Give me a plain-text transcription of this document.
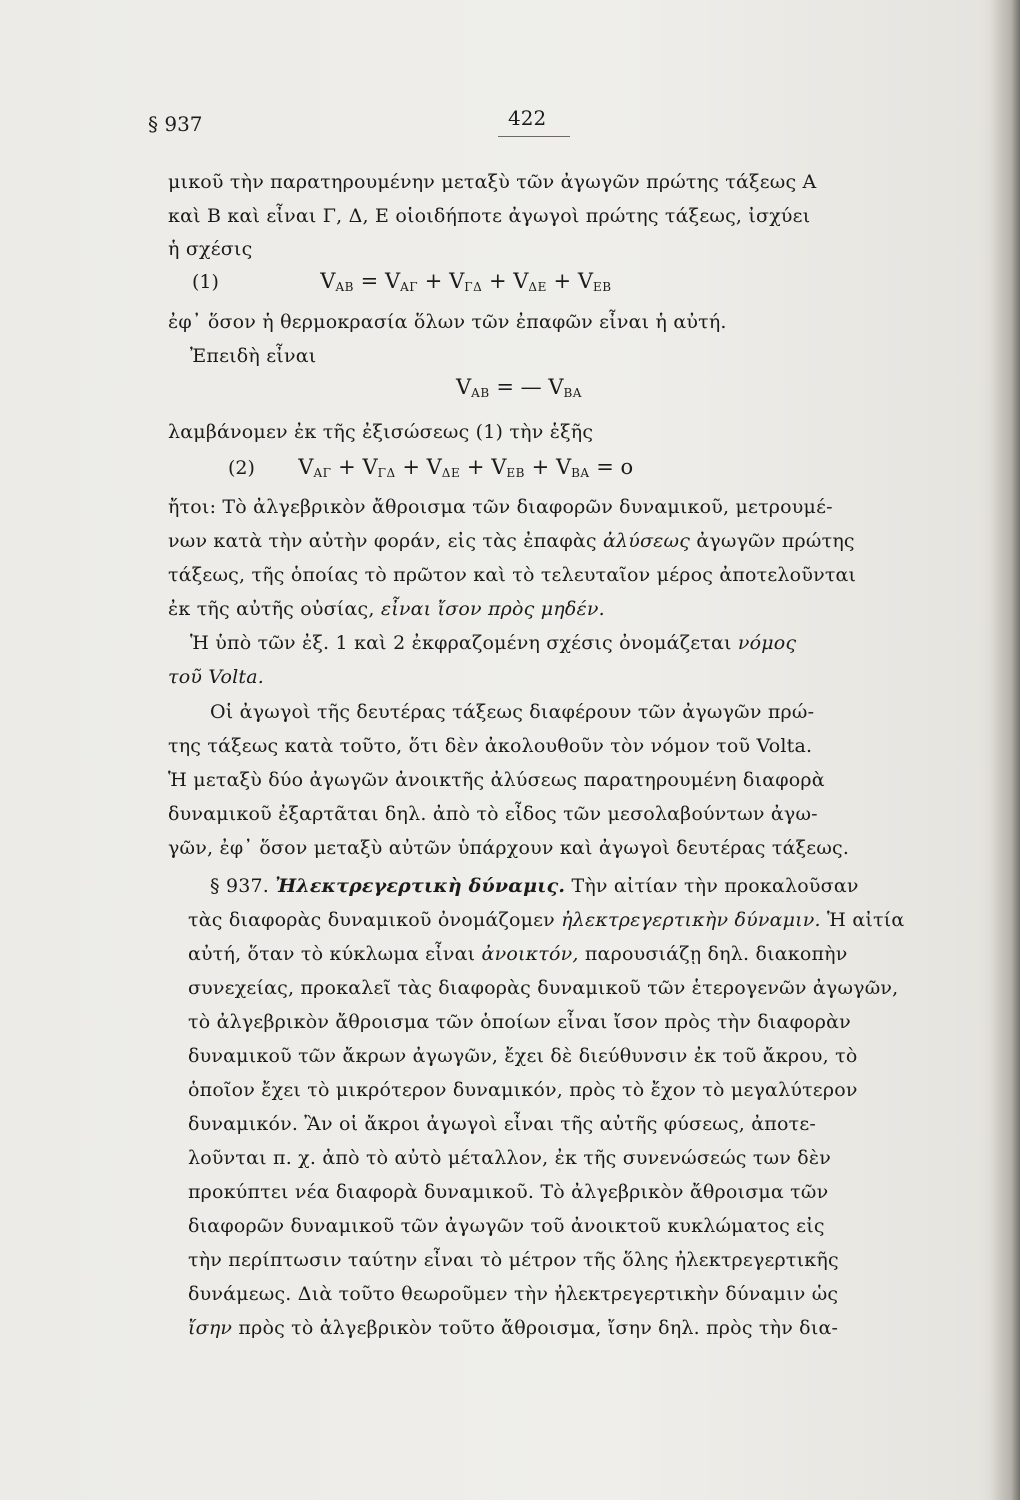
§ 937	422
μικοῦ τὴν παρατηρουμένην μεταξὺ τῶν ἀγωγῶν πρώτης τάξεως Α
καὶ Β καὶ εἶναι Γ, Δ, Ε οἱοιδήποτε ἀγωγοὶ πρώτης τάξεως, ἰσχύει
ἡ σχέσις
(1)	$V_{AB} = V_{A\Gamma} + V_{\Gamma\Delta} + V_{\Delta E} + V_{EB}$
ἐφ᾽ ὅσον ἡ θερμοκρασία ὅλων τῶν ἐπαφῶν εἶναι ἡ αὐτή.
Ἐπειδὴ εἶναι
$V_{AB}$ = — $V_{BA}$
λαμβάνομεν ἐκ τῆς ἐξισώσεως (1) τὴν ἑξῆς
(2) $V_{A\Gamma} + V_{\Gamma\Delta} + V_{\Delta E} + V_{EB} + V_{BA} = o$
ἤτοι: Τὸ ἀλγεβρικὸν ἄθροισμα τῶν διαφορῶν δυναμικοῦ, μετρουμέ-
νων κατὰ τὴν αὐτὴν φοράν, εἰς τὰς ἐπαφὰς ἀλύσεως ἀγωγῶν πρώτης
τάξεως, τῆς ὁποίας τὸ πρῶτον καὶ τὸ τελευταῖον μέρος ἀποτελοῦνται
ἐκ τῆς αὐτῆς οὐσίας, εἶναι ἴσον πρὸς μηδέν.
Ἡ ὑπὸ τῶν ἐξ. 1 καὶ 2 ἐκφραζομένη σχέσις ὀνομάζεται νόμος
τοῦ Volta.
Οἱ ἀγωγοὶ τῆς δευτέρας τάξεως διαφέρουν τῶν ἀγωγῶν πρώ-
της τάξεως κατὰ τοῦτο, ὅτι δὲν ἀκολουθοῦν τὸν νόμον τοῦ Volta.
Ἡ μεταξὺ δύο ἀγωγῶν ἀνοικτῆς ἀλύσεως παρατηρουμένη διαφορὰ
δυναμικοῦ ἐξαρτᾶται δηλ. ἀπὸ τὸ εἶδος τῶν μεσολαβούντων ἀγω-
γῶν, ἐφ᾽ ὅσον μεταξὺ αὐτῶν ὑπάρχουν καὶ ἀγωγοὶ δευτέρας τάξεως.
§ 937. Ἠλεκτρεγερτικὴ δύναμις. Τὴν αἰτίαν τὴν προκαλοῦσαν
τὰς διαφορὰς δυναμικοῦ ὀνομάζομεν ἠλεκτρεγερτικὴν δύναμιν. Ἡ αἰτία
αὐτή, ὅταν τὸ κύκλωμα εἶναι ἀνοικτόν, παρουσιάζῃ δηλ. διακοπὴν
συνεχείας, προκαλεῖ τὰς διαφορὰς δυναμικοῦ τῶν ἑτερογενῶν ἀγωγῶν,
τὸ ἀλγεβρικὸν ἄθροισμα τῶν ὁποίων εἶναι ἴσον πρὸς τὴν διαφορὰν
δυναμικοῦ τῶν ἄκρων ἀγωγῶν, ἔχει δὲ διεύθυνσιν ἐκ τοῦ ἄκρου, τὸ
ὁποῖον ἔχει τὸ μικρότερον δυναμικόν, πρὸς τὸ ἔχον τὸ μεγαλύτερον
δυναμικόν. Ἂν οἱ ἄκροι ἀγωγοὶ εἶναι τῆς αὐτῆς φύσεως, ἀποτε-
λοῦνται π. χ. ἀπὸ τὸ αὐτὸ μέταλλον, ἐκ τῆς συνενώσεώς των δὲν
προκύπτει νέα διαφορὰ δυναμικοῦ. Τὸ ἀλγεβρικὸν ἄθροισμα τῶν
διαφορῶν δυναμικοῦ τῶν ἀγωγῶν τοῦ ἀνοικτοῦ κυκλώματος εἰς
τὴν περίπτωσιν ταύτην εἶναι τὸ μέτρον τῆς ὅλης ἠλεκτρεγερτικῆς
δυνάμεως. Διὰ τοῦτο θεωροῦμεν τὴν ἠλεκτρεγερτικὴν δύναμιν ὡς
ἴσην πρὸς τὸ ἀλγεβρικὸν τοῦτο ἄθροισμα, ἴσην δηλ. πρὸς τὴν δια-
